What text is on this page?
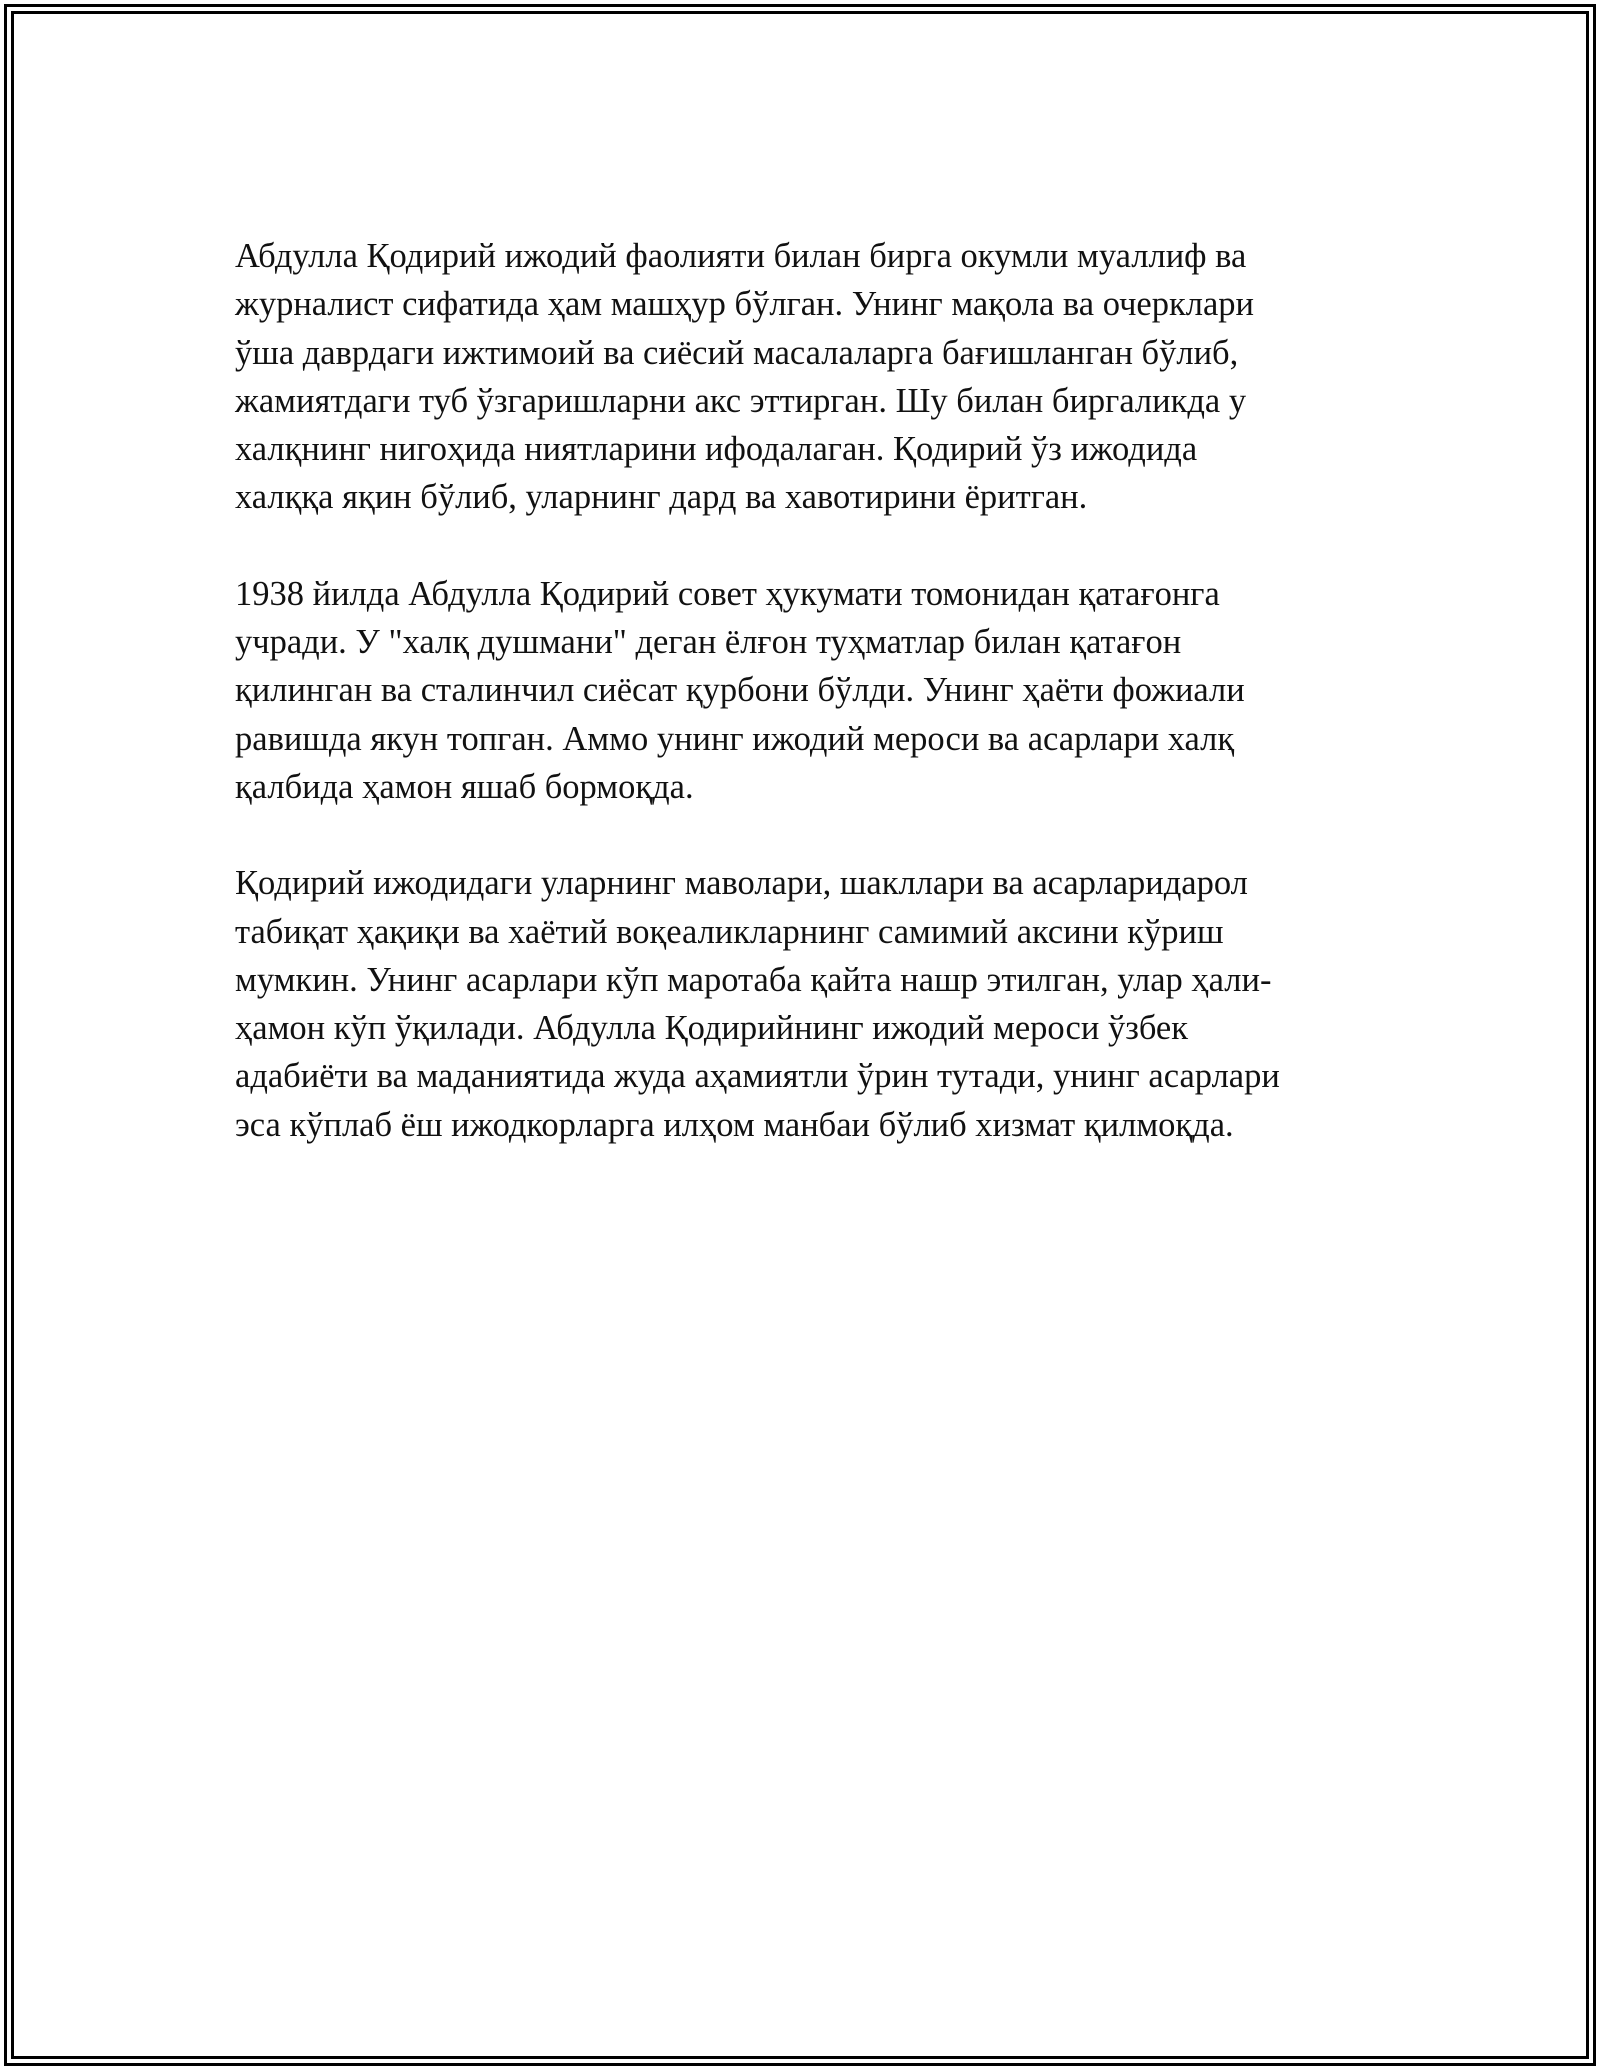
Абдулла Қодирий ижодий фаолияти билан бирга окумли муаллиф ва
журналист сифатида ҳам машҳур бўлган. Унинг мақола ва очерклари
ўша даврдаги ижтимоий ва сиёсий масалаларга бағишланган бўлиб,
жамиятдаги туб ўзгаришларни акс эттирган. Шу билан биргаликда у
халқнинг нигоҳида ниятларини ифодалаган. Қодирий ўз ижодида
халққа яқин бўлиб, уларнинг дард ва хавотирини ёритган.

1938 йилда Абдулла Қодирий совет ҳукумати томонидан қатағонга
учради. У "халқ душмани" деган ёлғон туҳматлар билан қатағон
қилинган ва сталинчил сиёсат қурбони бўлди. Унинг ҳаёти фожиали
равишда якун топган. Аммо унинг ижодий мероси ва асарлари халқ
қалбида ҳамон яшаб бормоқда.

Қодирий ижодидаги уларнинг маволари, шакллари ва асарларидарол
табиқат ҳақиқи ва хаётий воқеаликларнинг самимий аксини кўриш
мумкин. Унинг асарлари кўп маротаба қайта нашр этилган, улар ҳали-
ҳамон кўп ўқилади. Абдулла Қодирийнинг ижодий мероси ўзбек
адабиёти ва маданиятида жуда аҳамиятли ўрин тутади, унинг асарлари
эса кўплаб ёш ижодкорларга илҳом манбаи бўлиб хизмат қилмоқда.
